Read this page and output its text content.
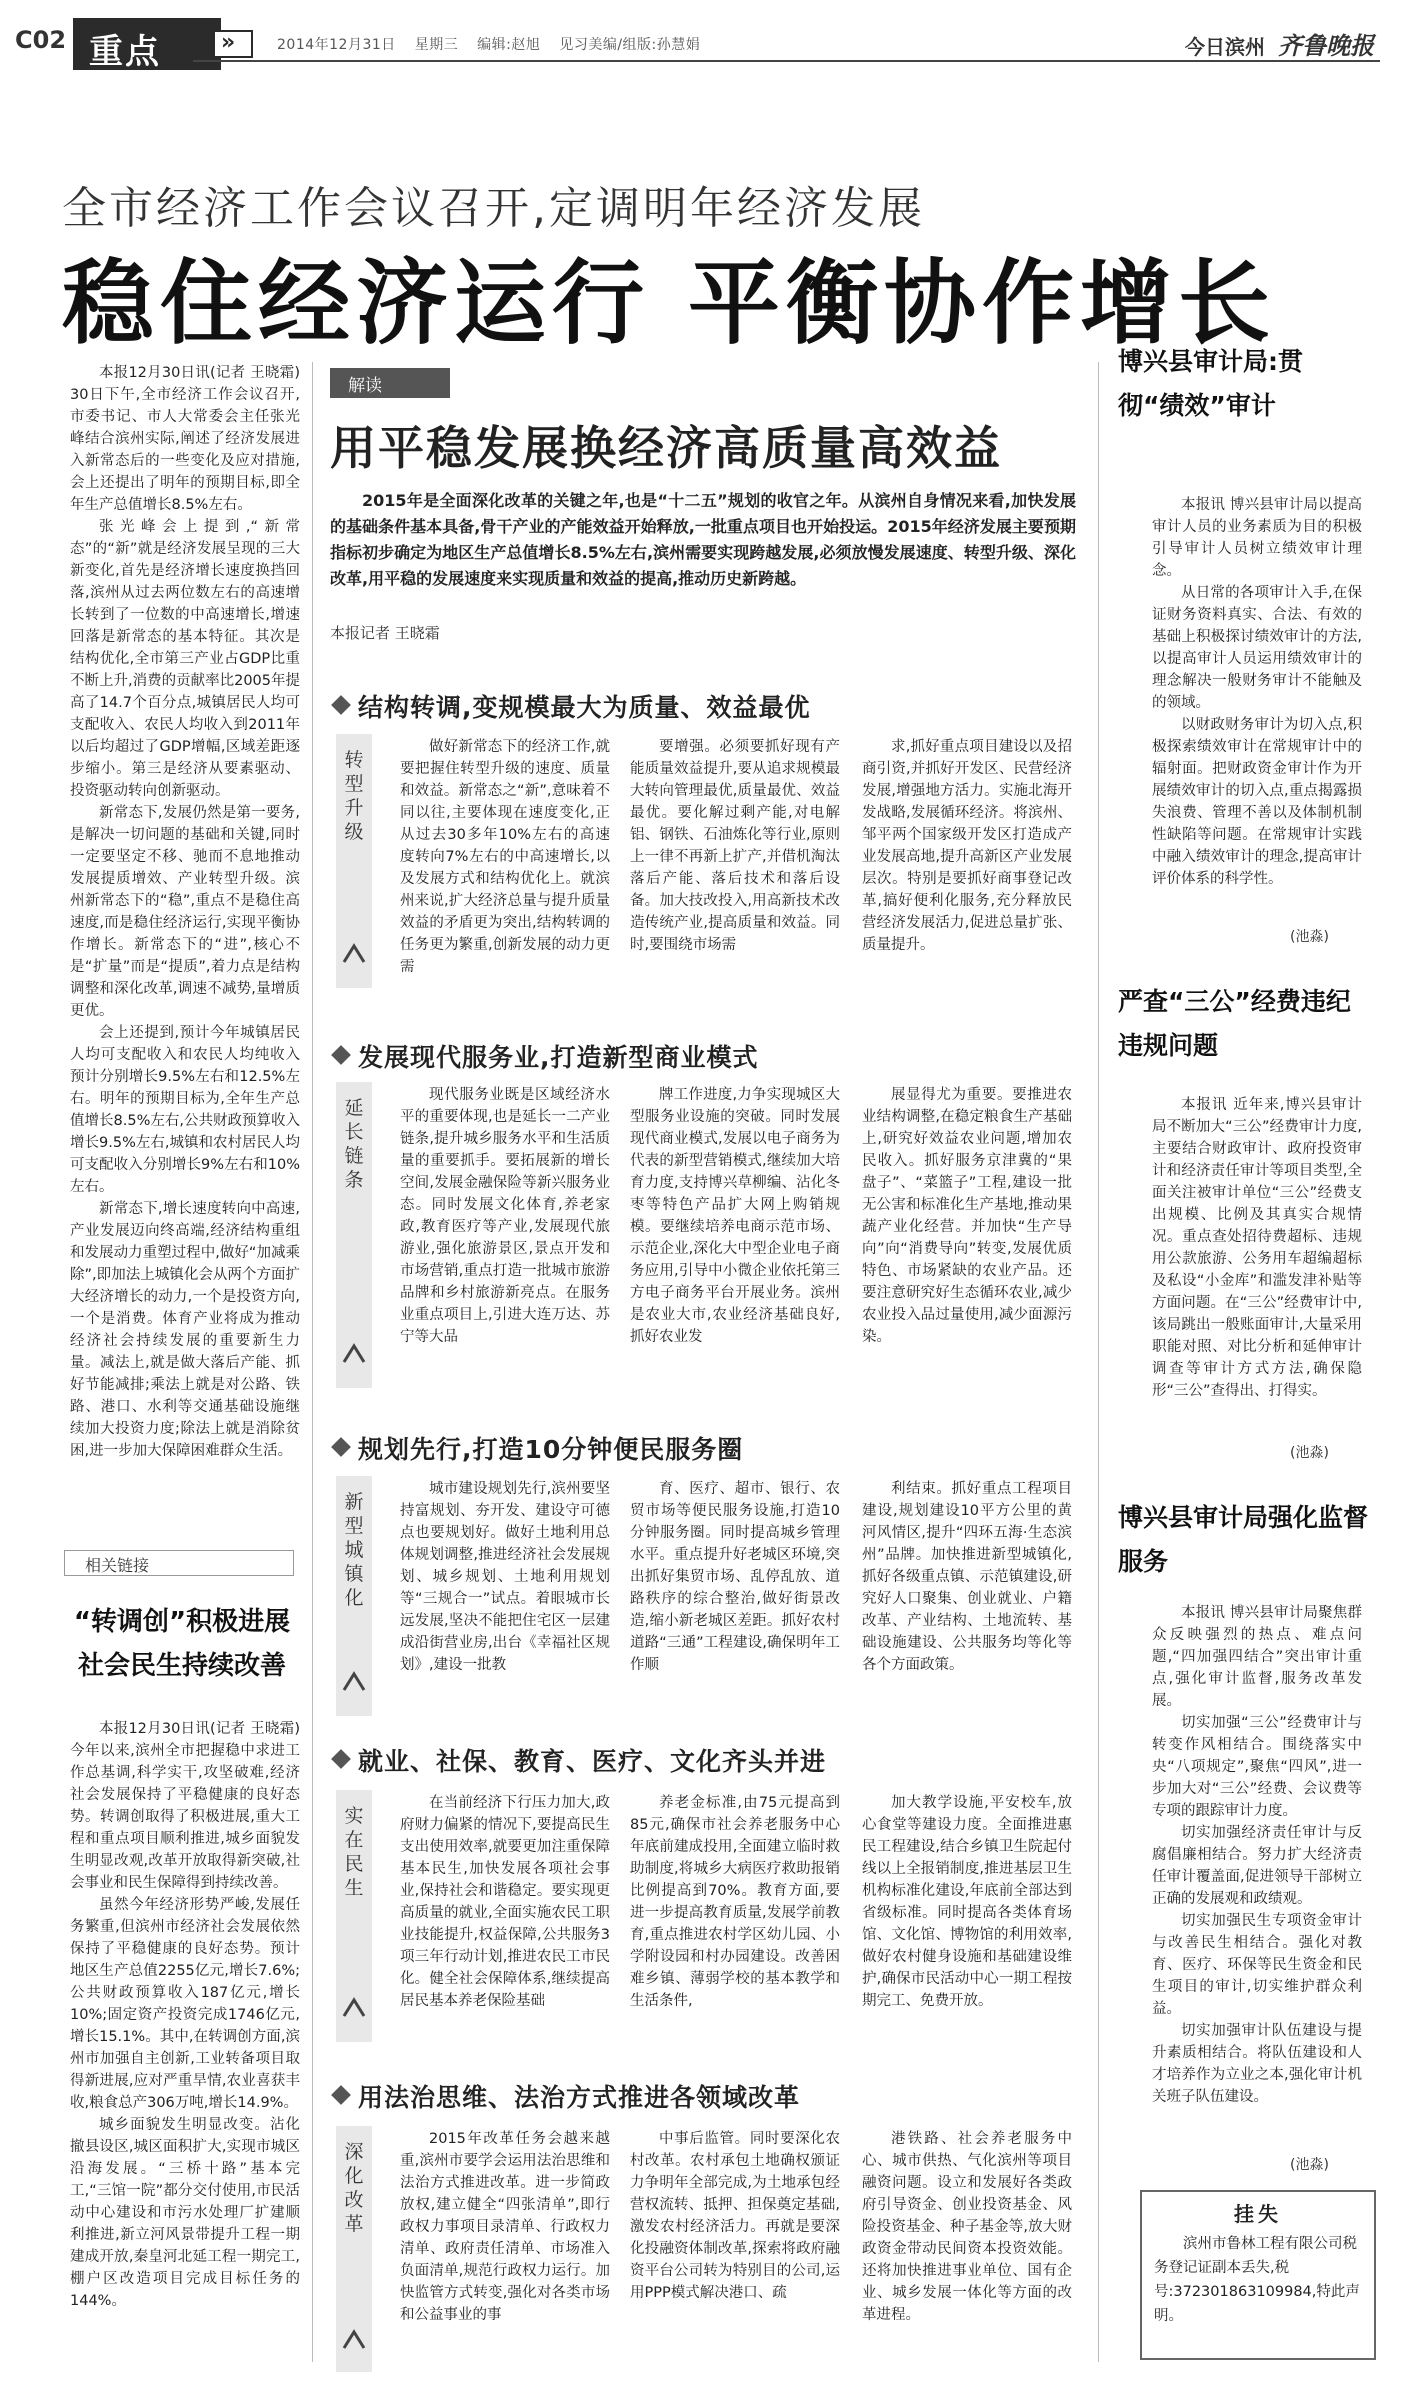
C02 重点	»	2014年12月31日 星期三 编辑:赵旭 见习美编/组版:孙慧娟	今日滨州 齐鲁晚报
全市经济工作会议召开,定调明年经济发展
稳住经济运行 平衡协作增长

本报12月30日讯(记者 王晓霜) 30日下午,全市经济工作会议召开,市委书记、市人大常委会主任张光峰结合滨州实际,阐述了经济发展进入新常态后的一些变化及应对措施,会上还提出了明年的预期目标,即全年生产总值增长8.5%左右。

张光峰会上提到,“新常态”的“新”就是经济发展呈现的三大新变化,首先是经济增长速度换挡回落,滨州从过去两位数左右的高速增长转到了一位数的中高速增长,增速回落是新常态的基本特征。其次是结构优化,全市第三产业占GDP比重不断上升,消费的贡献率比2005年提高了14.7个百分点,城镇居民人均可支配收入、农民人均收入到2011年以后均超过了GDP增幅,区域差距逐步缩小。第三是经济从要素驱动、投资驱动转向创新驱动。

新常态下,发展仍然是第一要务,是解决一切问题的基础和关键,同时一定要坚定不移、驰而不息地推动发展提质增效、产业转型升级。滨州新常态下的“稳”,重点不是稳住高速度,而是稳住经济运行,实现平衡协作增长。新常态下的“进”,核心不是“扩量”而是“提质”,着力点是结构调整和深化改革,调速不减势,量增质更优。

会上还提到,预计今年城镇居民人均可支配收入和农民人均纯收入预计分别增长9.5%左右和12.5%左右。明年的预期目标为,全年生产总值增长8.5%左右,公共财政预算收入增长9.5%左右,城镇和农村居民人均可支配收入分别增长9%左右和10%左右。

新常态下,增长速度转向中高速,产业发展迈向终高端,经济结构重组和发展动力重塑过程中,做好“加减乘除”,即加法上城镇化会从两个方面扩大经济增长的动力,一个是投资方向,一个是消费。体育产业将成为推动经济社会持续发展的重要新生力量。减法上,就是做大落后产能、抓好节能减排;乘法上就是对公路、铁路、港口、水利等交通基础设施继续加大投资力度;除法上就是消除贫困,进一步加大保障困难群众生活。

相关链接
“转调创”积极进展社会民生持续改善

本报12月30日讯(记者 王晓霜) 今年以来,滨州全市把握稳中求进工作总基调,科学实干,攻坚破难,经济社会发展保持了平稳健康的良好态势。转调创取得了积极进展,重大工程和重点项目顺利推进,城乡面貌发生明显改观,改革开放取得新突破,社会事业和民生保障得到持续改善。

虽然今年经济形势严峻,发展任务繁重,但滨州市经济社会发展依然保持了平稳健康的良好态势。预计地区生产总值2255亿元,增长7.6%;公共财政预算收入187亿元,增长10%;固定资产投资完成1746亿元,增长15.1%。其中,在转调创方面,滨州市加强自主创新,工业转备项目取得新进展,应对严重旱情,农业喜获丰收,粮食总产306万吨,增长14.9%。

城乡面貌发生明显改变。沾化撤县设区,城区面积扩大,实现市城区沿海发展。“三桥十路”基本完工,“三馆一院”都分交付使用,市民活动中心建设和市污水处理厂扩建顺利推进,新立河风景带提升工程一期建成开放,秦皇河北延工程一期完工,棚户区改造项目完成目标任务的144%。

解读
用平稳发展换经济高质量高效益

2015年是全面深化改革的关键之年,也是“十二五”规划的收官之年。从滨州自身情况来看,加快发展的基础条件基本具备,骨干产业的产能效益开始释放,一批重点项目也开始投运。2015年经济发展主要预期指标初步确定为地区生产总值增长8.5%左右,滨州需要实现跨越发展,必须放慢发展速度、转型升级、深化改革,用平稳的发展速度来实现质量和效益的提高,推动历史新跨越。

本报记者 王晓霜
结构转调,变规模最大为质量、效益最优
转型升级

做好新常态下的经济工作,就要把握住转型升级的速度、质量和效益。新常态之“新”,意味着不同以往,主要体现在速度变化,正从过去30多年10%左右的高速度转向7%左右的中高速增长,以及发展方式和结构优化上。就滨州来说,扩大经济总量与提升质量效益的矛盾更为突出,结构转调的任务更为繁重,创新发展的动力更需

要增强。必须要抓好现有产能质量效益提升,要从追求规模最大转向管理最优,质量最优、效益最优。要化解过剩产能,对电解铝、钢铁、石油炼化等行业,原则上一律不再新上扩产,并借机淘汰落后产能、落后技术和落后设备。加大技改投入,用高新技术改造传统产业,提高质量和效益。同时,要围绕市场需

求,抓好重点项目建设以及招商引资,并抓好开发区、民营经济发展,增强地方活力。实施北海开发战略,发展循环经济。将滨州、邹平两个国家级开发区打造成产业发展高地,提升高新区产业发展层次。特别是要抓好商事登记改革,搞好便利化服务,充分释放民营经济发展活力,促进总量扩张、质量提升。

发展现代服务业,打造新型商业模式
延长链条

现代服务业既是区域经济水平的重要体现,也是延长一二产业链条,提升城乡服务水平和生活质量的重要抓手。要拓展新的增长空间,发展金融保险等新兴服务业态。同时发展文化体育,养老家政,教育医疗等产业,发展现代旅游业,强化旅游景区,景点开发和市场营销,重点打造一批城市旅游品牌和乡村旅游新亮点。在服务业重点项目上,引进大连万达、苏宁等大品

牌工作进度,力争实现城区大型服务业设施的突破。同时发展现代商业模式,发展以电子商务为代表的新型营销模式,继续加大培育力度,支持博兴草柳编、沾化冬枣等特色产品扩大网上购销规模。要继续培养电商示范市场、示范企业,深化大中型企业电子商务应用,引导中小微企业依托第三方电子商务平台开展业务。滨州是农业大市,农业经济基础良好,抓好农业发

展显得尤为重要。要推进农业结构调整,在稳定粮食生产基础上,研究好效益农业问题,增加农民收入。抓好服务京津冀的“果盘子”、“菜篮子”工程,建设一批无公害和标准化生产基地,推动果蔬产业化经营。并加快“生产导向”向“消费导向”转变,发展优质特色、市场紧缺的农业产品。还要注意研究好生态循环农业,减少农业投入品过量使用,减少面源污染。

规划先行,打造10分钟便民服务圈
新型城镇化

城市建设规划先行,滨州要坚持富规划、夯开发、建设守可德点也要规划好。做好土地利用总体规划调整,推进经济社会发展规划、城乡规划、土地利用规划等“三规合一”试点。着眼城市长远发展,坚决不能把住宅区一层建成沿街营业房,出台《幸福社区规划》,建设一批教

育、医疗、超市、银行、农贸市场等便民服务设施,打造10分钟服务圈。同时提高城乡管理水平。重点提升好老城区环境,突出抓好集贸市场、乱停乱放、道路秩序的综合整治,做好街景改造,缩小新老城区差距。抓好农村道路“三通”工程建设,确保明年工作顺

利结束。抓好重点工程项目建设,规划建设10平方公里的黄河风情区,提升“四环五海·生态滨州”品牌。加快推进新型城镇化,抓好各级重点镇、示范镇建设,研究好人口聚集、创业就业、户籍改革、产业结构、土地流转、基础设施建设、公共服务均等化等各个方面政策。

就业、社保、教育、医疗、文化齐头并进
实在民生

在当前经济下行压力加大,政府财力偏紧的情况下,要提高民生支出使用效率,就要更加注重保障基本民生,加快发展各项社会事业,保持社会和谐稳定。要实现更高质量的就业,全面实施农民工职业技能提升,权益保障,公共服务3项三年行动计划,推进农民工市民化。健全社会保障体系,继续提高居民基本养老保险基础

养老金标准,由75元提高到85元,确保市社会养老服务中心年底前建成投用,全面建立临时救助制度,将城乡大病医疗救助报销比例提高到70%。教育方面,要进一步提高教育质量,发展学前教育,重点推进农村学区幼儿园、小学附设园和村办园建设。改善困难乡镇、薄弱学校的基本教学和生活条件,

加大教学设施,平安校车,放心食堂等建设力度。全面推进惠民工程建设,结合乡镇卫生院起付线以上全报销制度,推进基层卫生机构标准化建设,年底前全部达到省级标准。同时提高各类体育场馆、文化馆、博物馆的利用效率,做好农村健身设施和基础建设维护,确保市民活动中心一期工程按期完工、免费开放。

用法治思维、法治方式推进各领域改革
深化改革

2015年改革任务会越来越重,滨州市要学会运用法治思维和法治方式推进改革。进一步简政放权,建立健全“四张清单”,即行政权力事项目录清单、行政权力清单、政府责任清单、市场准入负面清单,规范行政权力运行。加快监管方式转变,强化对各类市场和公益事业的事

中事后监管。同时要深化农村改革。农村承包土地确权颁证力争明年全部完成,为土地承包经营权流转、抵押、担保奠定基础,激发农村经济活力。再就是要深化投融资体制改革,探索将政府融资平台公司转为特别目的公司,运用PPP模式解决港口、疏

港铁路、社会养老服务中心、城市供热、气化滨州等项目融资问题。设立和发展好各类政府引导资金、创业投资基金、风险投资基金、种子基金等,放大财政资金带动民间资本投资效能。还将加快推进事业单位、国有企业、城乡发展一体化等方面的改革进程。

博兴县审计局:贯彻“绩效”审计

本报讯 博兴县审计局以提高审计人员的业务素质为目的积极引导审计人员树立绩效审计理念。

从日常的各项审计入手,在保证财务资料真实、合法、有效的基础上积极探讨绩效审计的方法,以提高审计人员运用绩效审计的理念解决一般财务审计不能触及的领域。

以财政财务审计为切入点,积极探索绩效审计在常规审计中的辐射面。把财政资金审计作为开展绩效审计的切入点,重点揭露损失浪费、管理不善以及体制机制性缺陷等问题。在常规审计实践中融入绩效审计的理念,提高审计评价体系的科学性。

(池淼)
严查“三公”经费违纪违规问题

本报讯 近年来,博兴县审计局不断加大“三公”经费审计力度,主要结合财政审计、政府投资审计和经济责任审计等项目类型,全面关注被审计单位“三公”经费支出规模、比例及其真实合规情况。重点查处招待费超标、违规用公款旅游、公务用车超编超标及私设“小金库”和滥发津补贴等方面问题。在“三公”经费审计中,该局跳出一般账面审计,大量采用职能对照、对比分析和延伸审计调查等审计方式方法,确保隐形“三公”查得出、打得实。

(池淼)
博兴县审计局强化监督服务

本报讯 博兴县审计局聚焦群众反映强烈的热点、难点问题,“四加强四结合”突出审计重点,强化审计监督,服务改革发展。

切实加强“三公”经费审计与转变作风相结合。围绕落实中央“八项规定”,聚焦“四风”,进一步加大对“三公”经费、会议费等专项的跟踪审计力度。

切实加强经济责任审计与反腐倡廉相结合。努力扩大经济责任审计覆盖面,促进领导干部树立正确的发展观和政绩观。

切实加强民生专项资金审计与改善民生相结合。强化对教育、医疗、环保等民生资金和民生项目的审计,切实维护群众利益。

切实加强审计队伍建设与提升素质相结合。将队伍建设和人才培养作为立业之本,强化审计机关班子队伍建设。

(池淼)
挂失

滨州市鲁林工程有限公司税务登记证副本丢失,税号:372301863109984,特此声明。
